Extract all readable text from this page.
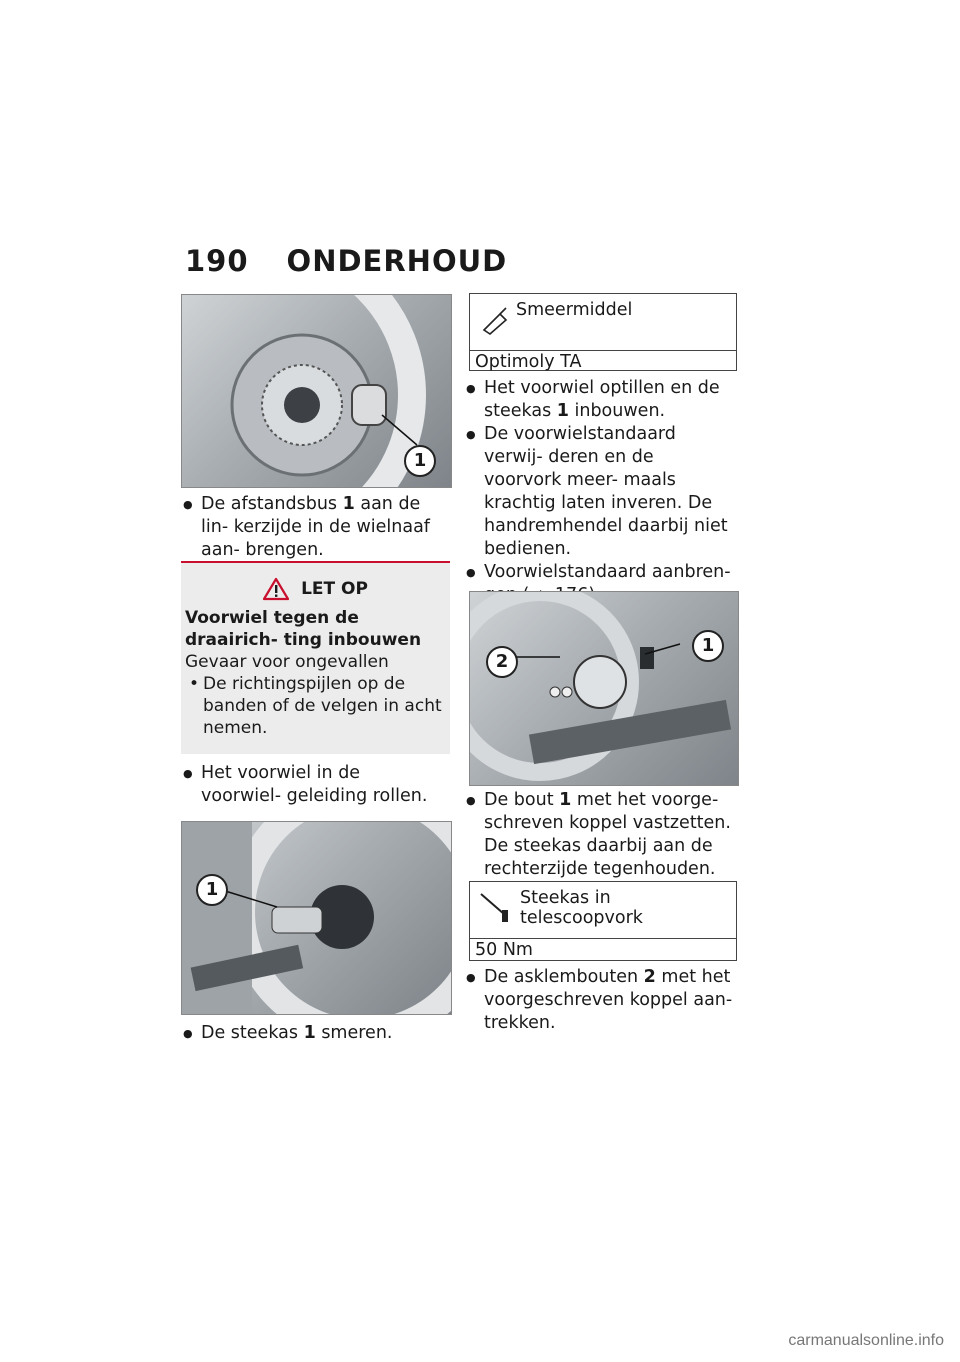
190 ONDERHOUD
1
● De afstandsbus 1 aan de lin- kerzijde in de wielnaaf aan- brengen.
LET OP
Voorwiel tegen de draairich- ting inbouwen
Gevaar voor ongevallen
• De richtingspijlen op de banden of de velgen in acht nemen.
● Het voorwiel in de voorwiel- geleiding rollen.
1
● De steekas 1 smeren.
Smeermiddel
Optimoly TA
● Het voorwiel optillen en de steekas 1 inbouwen.
● De voorwielstandaard verwij- deren en de voorvork meer- maals krachtig laten inveren. De handremhendel daarbij niet bedienen.
● Voorwielstandaard aanbren-
2
1
● De bout 1 met het voorge- schreven koppel vastzetten. De steekas daarbij aan de rechterzijde tegenhouden.
Steekas in telescoopvork
50 Nm
● De asklembouten 2 met het voorgeschreven koppel aan- trekken.
carmanualsonline.info
